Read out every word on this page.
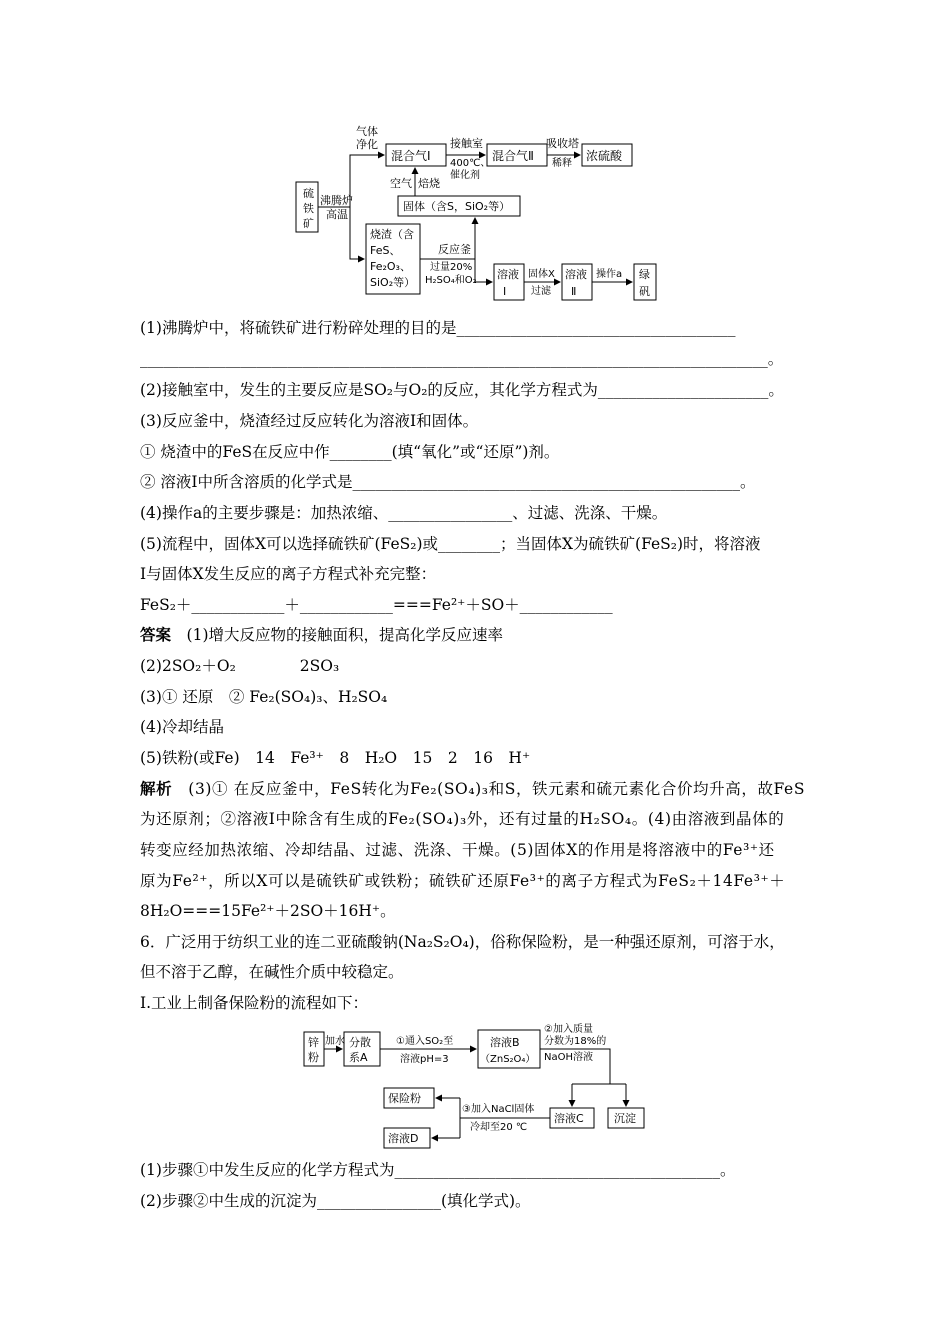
硫
铁
矿
沸腾炉
高温
气体
净化
混合气Ⅰ
接触室
400℃、
催化剂
混合气Ⅱ
吸收塔
稀释
浓硫酸
空气 焙烧
固体（含S，SiO₂等）
烧渣（含
FeS、
Fe₂O₃、
SiO₂等）
反应釜
过量20%
H₂SO₄和O₂ 溶液
Ⅰ
固体X
过滤
溶液
Ⅱ
操作a 绿
矾
(1)沸腾炉中，将硫铁矿进行粉碎处理的目的是____________________________________
_________________________________________________________________________________。
(2)接触室中，发生的主要反应是SO₂与O₂的反应，其化学方程式为______________________。
(3)反应釜中，烧渣经过反应转化为溶液Ⅰ和固体。
① 烧渣中的FeS在反应中作________(填“氧化”或“还原”)剂。
② 溶液Ⅰ中所含溶质的化学式是__________________________________________________。
(4)操作a的主要步骤是：加热浓缩、________________、过滤、洗涤、干燥。
(5)流程中，固体X可以选择硫铁矿(FeS₂)或________；当固体X为硫铁矿(FeS₂)时，将溶液
Ⅰ与固体X发生反应的离子方程式补充完整：
FeS₂＋____________＋____________===Fe²⁺＋SO＋____________
答案　 (1)增大反应物的接触面积，提高化学反应速率
(2)2SO₂＋O₂	2SO₃
(3)① 还原　② Fe₂(SO₄)₃、H₂SO₄
(4)冷却结晶
(5)铁粉(或Fe)　14　Fe³⁺　8　H₂O　15　2　16　H⁺
解析　(3)① 在反应釜中，FeS转化为Fe₂(SO₄)₃和S，铁元素和硫元素化合价均升高，故FeS
为还原剂；②溶液Ⅰ中除含有生成的Fe₂(SO₄)₃外，还有过量的H₂SO₄。(4)由溶液到晶体的
转变应经加热浓缩、冷却结晶、过滤、洗涤、干燥。(5)固体X的作用是将溶液中的Fe³⁺还
原为Fe²⁺，所以X可以是硫铁矿或铁粉；硫铁矿还原Fe³⁺的离子方程式为FeS₂＋14Fe³⁺＋
8H₂O===15Fe²⁺＋2SO＋16H⁺。
6．广泛用于纺织工业的连二亚硫酸钠(Na₂S₂O₄)，俗称保险粉，是一种强还原剂，可溶于水，
但不溶于乙醇，在碱性介质中较稳定。
Ⅰ.工业上制备保险粉的流程如下：
锌
粉
加水 分散
系A
①通入SO₂至
溶液pH=3
溶液B
（ZnS₂O₄）
②加入质量
分数为18%的
NaOH溶液
保险粉
③加入NaCl固体
冷却至20 ℃
溶液C	沉淀
溶液D
(1)步骤①中发生反应的化学方程式为__________________________________________。
(2)步骤②中生成的沉淀为________________(填化学式)。
